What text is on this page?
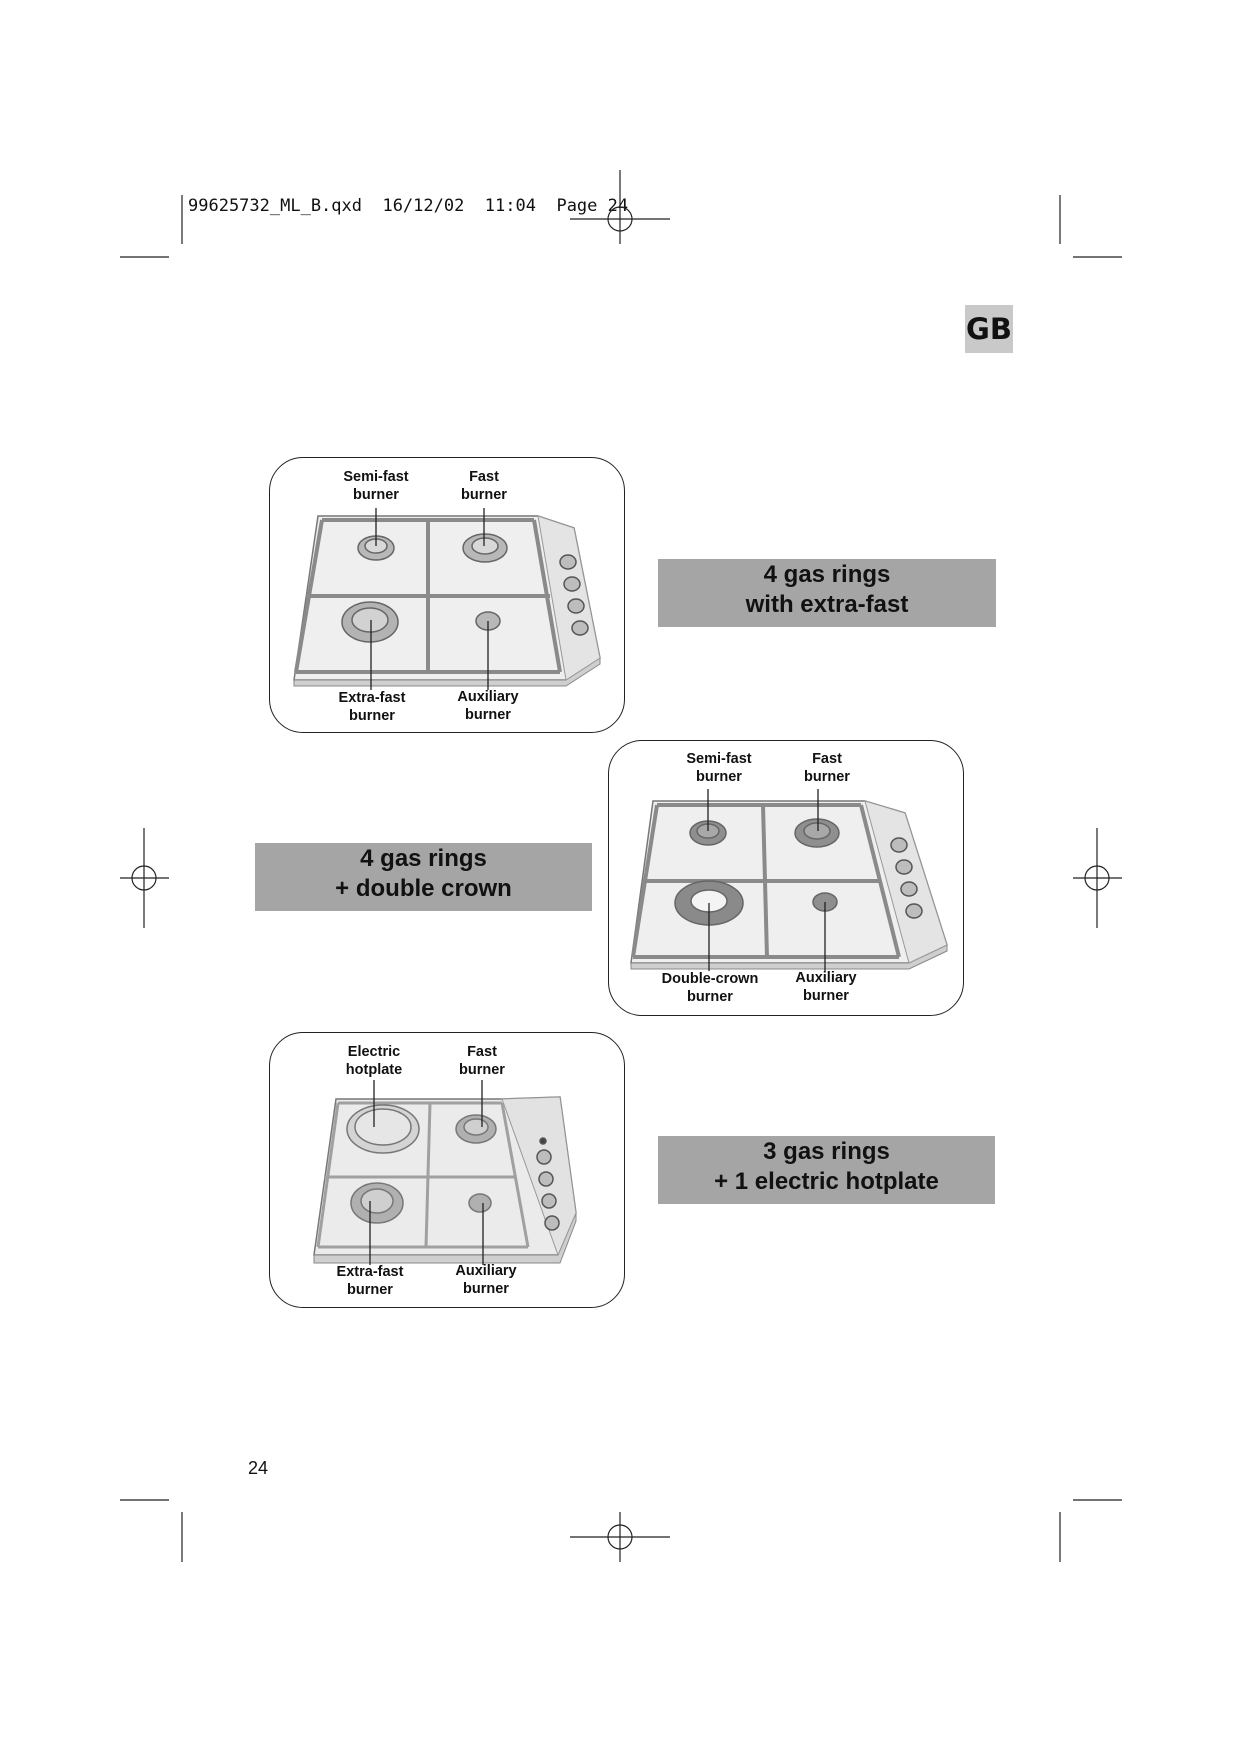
99625732_ML_B.qxd  16/12/02  11:04  Page 24
GB
Semi-fast
burner
Fast
burner
Extra-fast
burner
Auxiliary
burner
4 gas rings
with extra-fast
Semi-fast
burner
Fast
burner
Double-crown
burner
Auxiliary
burner
4 gas rings
+ double crown
Electric
hotplate
Fast
burner
Extra-fast
burner
Auxiliary
burner
3 gas rings
+ 1 electric hotplate
24
